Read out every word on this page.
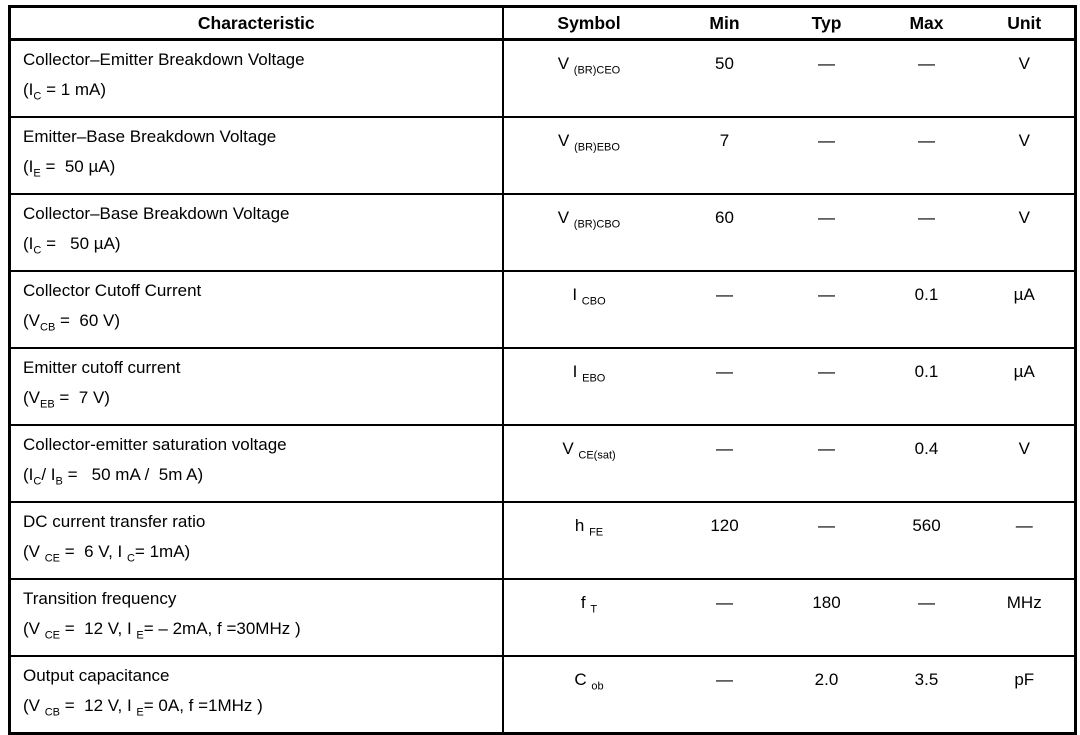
Characteristic	Symbol	Min	Typ	Max	Unit

Collector–Emitter Breakdown Voltage
($I_C = 1$ mA)	V $_{(BR)CEO}$	50	—	—	V

Emitter–Base Breakdown Voltage
($I_E = 50$ µA)	V $_{(BR)EBO}$	7	—	—	V

Collector–Base Breakdown Voltage
($I_C = 50$ µA)	V $_{(BR)CBO}$	60	—	—	V

Collector Cutoff Current
($V_{CB} = 60$ V)	I $_{CBO}$	—	—	0.1	µA

Emitter cutoff current
($V_{EB} = 7$ V)	I $_{EBO}$	—	—	0.1	µA

Collector-emitter saturation voltage
($I_C/$ $I_B = 50$ mA /  5m A)	V $_{CE(sat)}$	—	—	0.4	V

DC current transfer ratio
(V $_{CE}$ =  6 V, I $_C$= 1mA)	h $_{FE}$	120	—	560	—

Transition frequency
(V $_{CE}$ =  12 V, I $_E$= – 2mA, f =30MHz )	f $_T$	—	180	—	MHz

Output capacitance
(V $_{CB}$ =  12 V, I $_E$= 0A, f =1MHz )	C $_{ob}$	—	2.0	3.5	pF
